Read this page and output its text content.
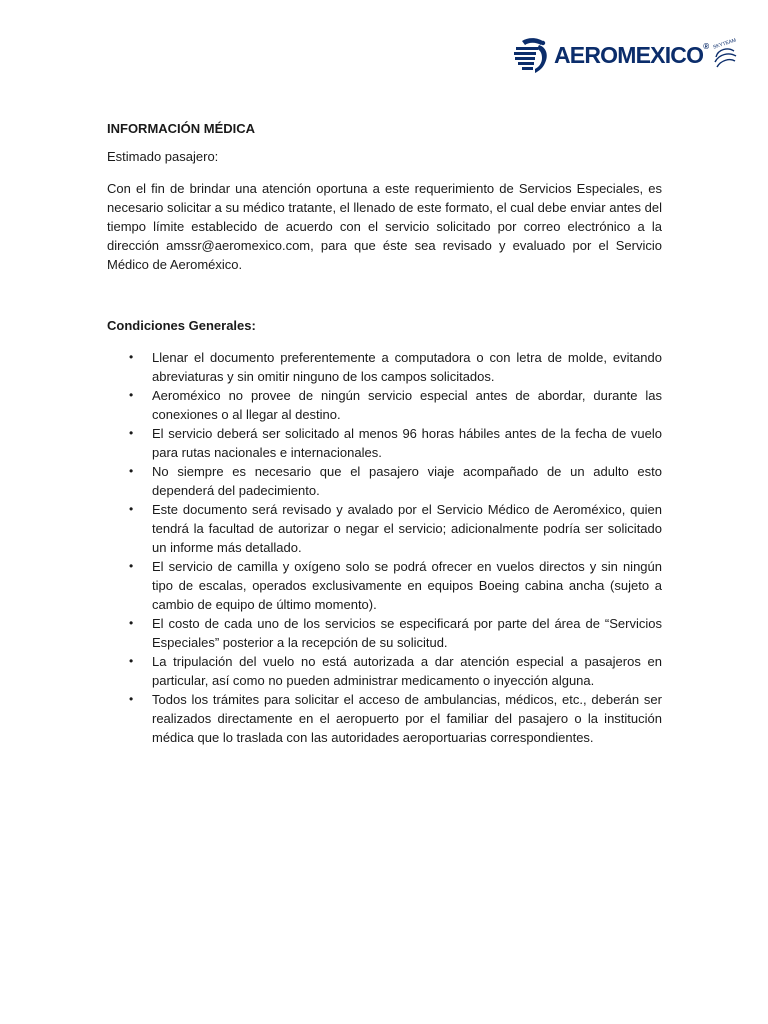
AEROMEXICO® SKYTEAM

INFORMACIÓN MÉDICA

Estimado pasajero:

Con el fin de brindar una atención oportuna a este requerimiento de Servicios Especiales, es necesario solicitar a su médico tratante, el llenado de este formato, el cual debe enviar antes del tiempo límite establecido de acuerdo con el servicio solicitado por correo electrónico a la dirección amssr@aeromexico.com, para que éste sea revisado y evaluado por el Servicio Médico de Aeroméxico.

Condiciones Generales:

• Llenar el documento preferentemente a computadora o con letra de molde, evitando abreviaturas y sin omitir ninguno de los campos solicitados.
• Aeroméxico no provee de ningún servicio especial antes de abordar, durante las conexiones o al llegar al destino.
• El servicio deberá ser solicitado al menos 96 horas hábiles antes de la fecha de vuelo para rutas nacionales e internacionales.
• No siempre es necesario que el pasajero viaje acompañado de un adulto esto dependerá del padecimiento.
• Este documento será revisado y avalado por el Servicio Médico de Aeroméxico, quien tendrá la facultad de autorizar o negar el servicio; adicionalmente podría ser solicitado un informe más detallado.
• El servicio de camilla y oxígeno solo se podrá ofrecer en vuelos directos y sin ningún tipo de escalas, operados exclusivamente en equipos Boeing cabina ancha (sujeto a cambio de equipo de último momento).
• El costo de cada uno de los servicios se especificará por parte del área de “Servicios Especiales” posterior a la recepción de su solicitud.
• La tripulación del vuelo no está autorizada a dar atención especial a pasajeros en particular, así como no pueden administrar medicamento o inyección alguna.
• Todos los trámites para solicitar el acceso de ambulancias, médicos, etc., deberán ser realizados directamente en el aeropuerto por el familiar del pasajero o la institución médica que lo traslada con las autoridades aeroportuarias correspondientes.
